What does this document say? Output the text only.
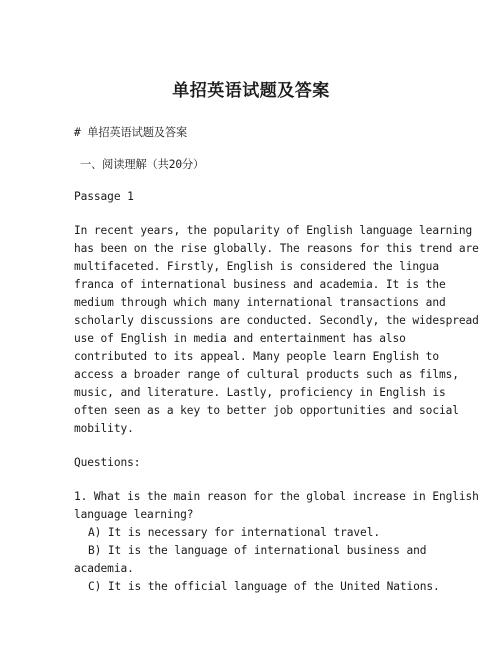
单招英语试题及答案
# 单招英语试题及答案
一、阅读理解（共20分）
Passage 1
In recent years, the popularity of English language learning
has been on the rise globally. The reasons for this trend are
multifaceted. Firstly, English is considered the lingua
franca of international business and academia. It is the
medium through which many international transactions and
scholarly discussions are conducted. Secondly, the widespread
use of English in media and entertainment has also
contributed to its appeal. Many people learn English to
access a broader range of cultural products such as films,
music, and literature. Lastly, proficiency in English is
often seen as a key to better job opportunities and social
mobility.
Questions:
1. What is the main reason for the global increase in English
language learning?
A) It is necessary for international travel.
B) It is the language of international business and
academia.
C) It is the official language of the United Nations.
